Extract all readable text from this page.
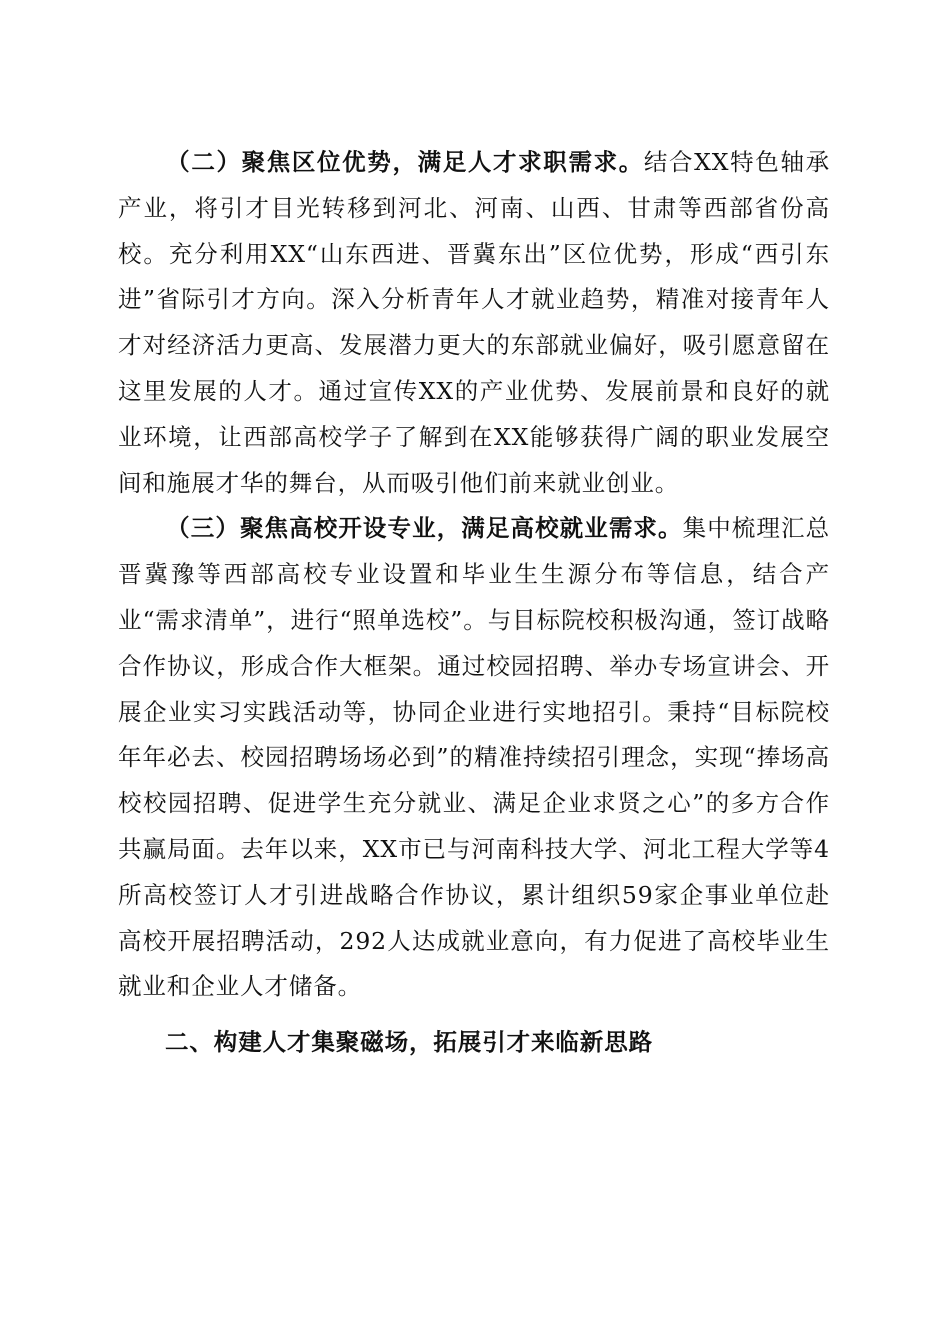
（二）聚焦区位优势，满足人才求职需求。结合XX特色轴承产业，将引才目光转移到河北、河南、山西、甘肃等西部省份高校。充分利用XX“山东西进、晋冀东出”区位优势，形成“西引东进”省际引才方向。深入分析青年人才就业趋势，精准对接青年人才对经济活力更高、发展潜力更大的东部就业偏好，吸引愿意留在这里发展的人才。通过宣传XX的产业优势、发展前景和良好的就业环境，让西部高校学子了解到在XX能够获得广阔的职业发展空间和施展才华的舞台，从而吸引他们前来就业创业。

（三）聚焦高校开设专业，满足高校就业需求。集中梳理汇总晋冀豫等西部高校专业设置和毕业生生源分布等信息，结合产业“需求清单”，进行“照单选校”。与目标院校积极沟通，签订战略合作协议，形成合作大框架。通过校园招聘、举办专场宣讲会、开展企业实习实践活动等，协同企业进行实地招引。秉持“目标院校年年必去、校园招聘场场必到”的精准持续招引理念，实现“捧场高校校园招聘、促进学生充分就业、满足企业求贤之心”的多方合作共赢局面。去年以来，XX市已与河南科技大学、河北工程大学等4所高校签订人才引进战略合作协议，累计组织59家企事业单位赴高校开展招聘活动，292人达成就业意向，有力促进了高校毕业生就业和企业人才储备。

二、构建人才集聚磁场，拓展引才来临新思路
